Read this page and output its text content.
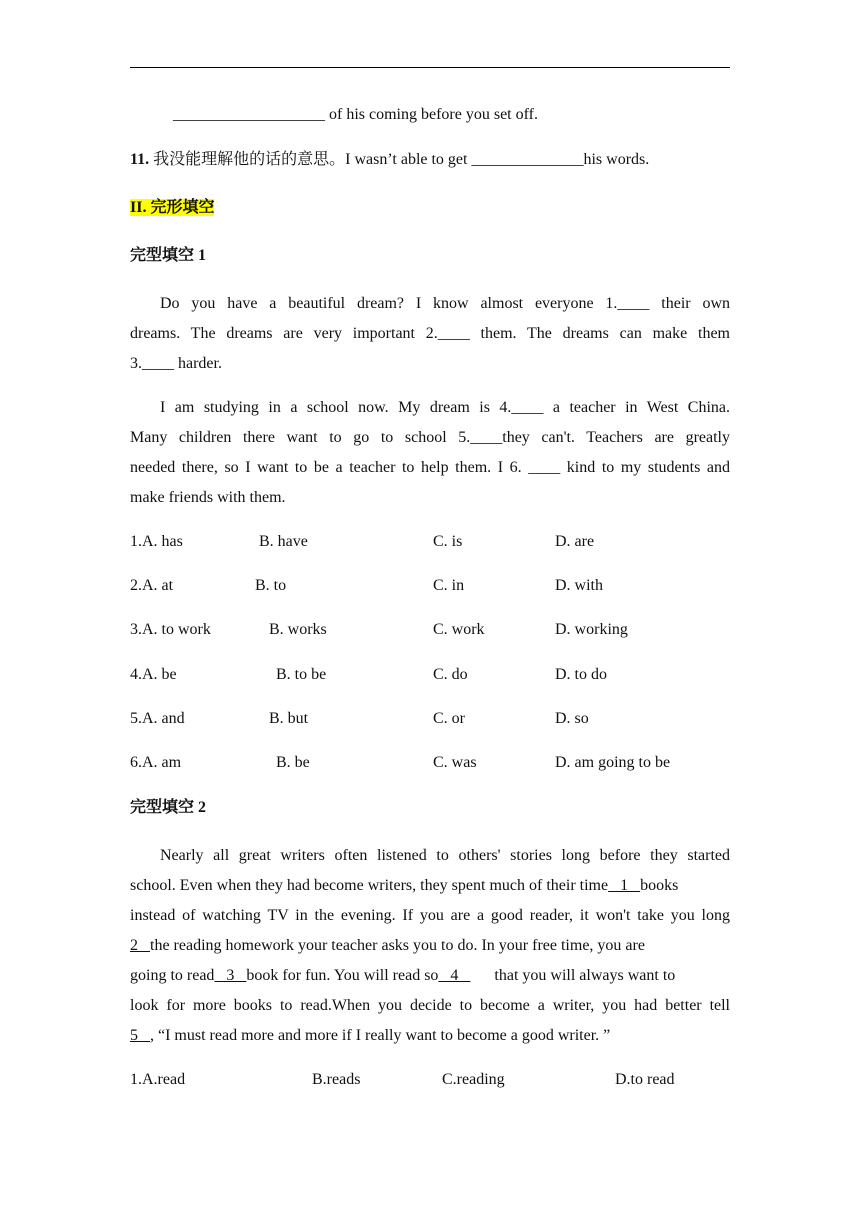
___________________ of his coming before you set off.
11. 我没能理解他的话的意思。I wasn’t able to get ______________his words.
II. 完形填空
完型填空 1
Do you have a beautiful dream? I know almost everyone 1.____ their own
dreams. The dreams are very important 2.____ them. The dreams can make them
3.____ harder.
I am studying in a school now. My dream is 4.____ a teacher in West China.
Many children there want to go to school 5.____they can't. Teachers are greatly
needed there, so I want to be a teacher to help them. I 6. ____ kind to my students and
make friends with them.
1.A. has	B. have	C. is	D. are
2.A. at	B. to	C. in	D. with
3.A. to work	B. works	C. work	D. working
4.A. be	B. to be	C. do	D. to do
5.A. and	B. but	C. or	D. so
6.A. am	B. be	C. was	D. am going to be
完型填空 2
Nearly all great writers often listened to others' stories long before they started
school. Even when they had become writers, they spent much of their time   1   books
instead of watching TV in the evening. If you are a good reader, it won't take you long
2   the reading homework your teacher asks you to do. In your free time, you are
going to read   3   book for fun. You will read so   4   that you will always want to
look for more books to read.When you decide to become a writer, you had better tell
5   , “I must read more and more if I really want to become a good writer. ”
1.A.read	B.reads	C.reading	D.to read
